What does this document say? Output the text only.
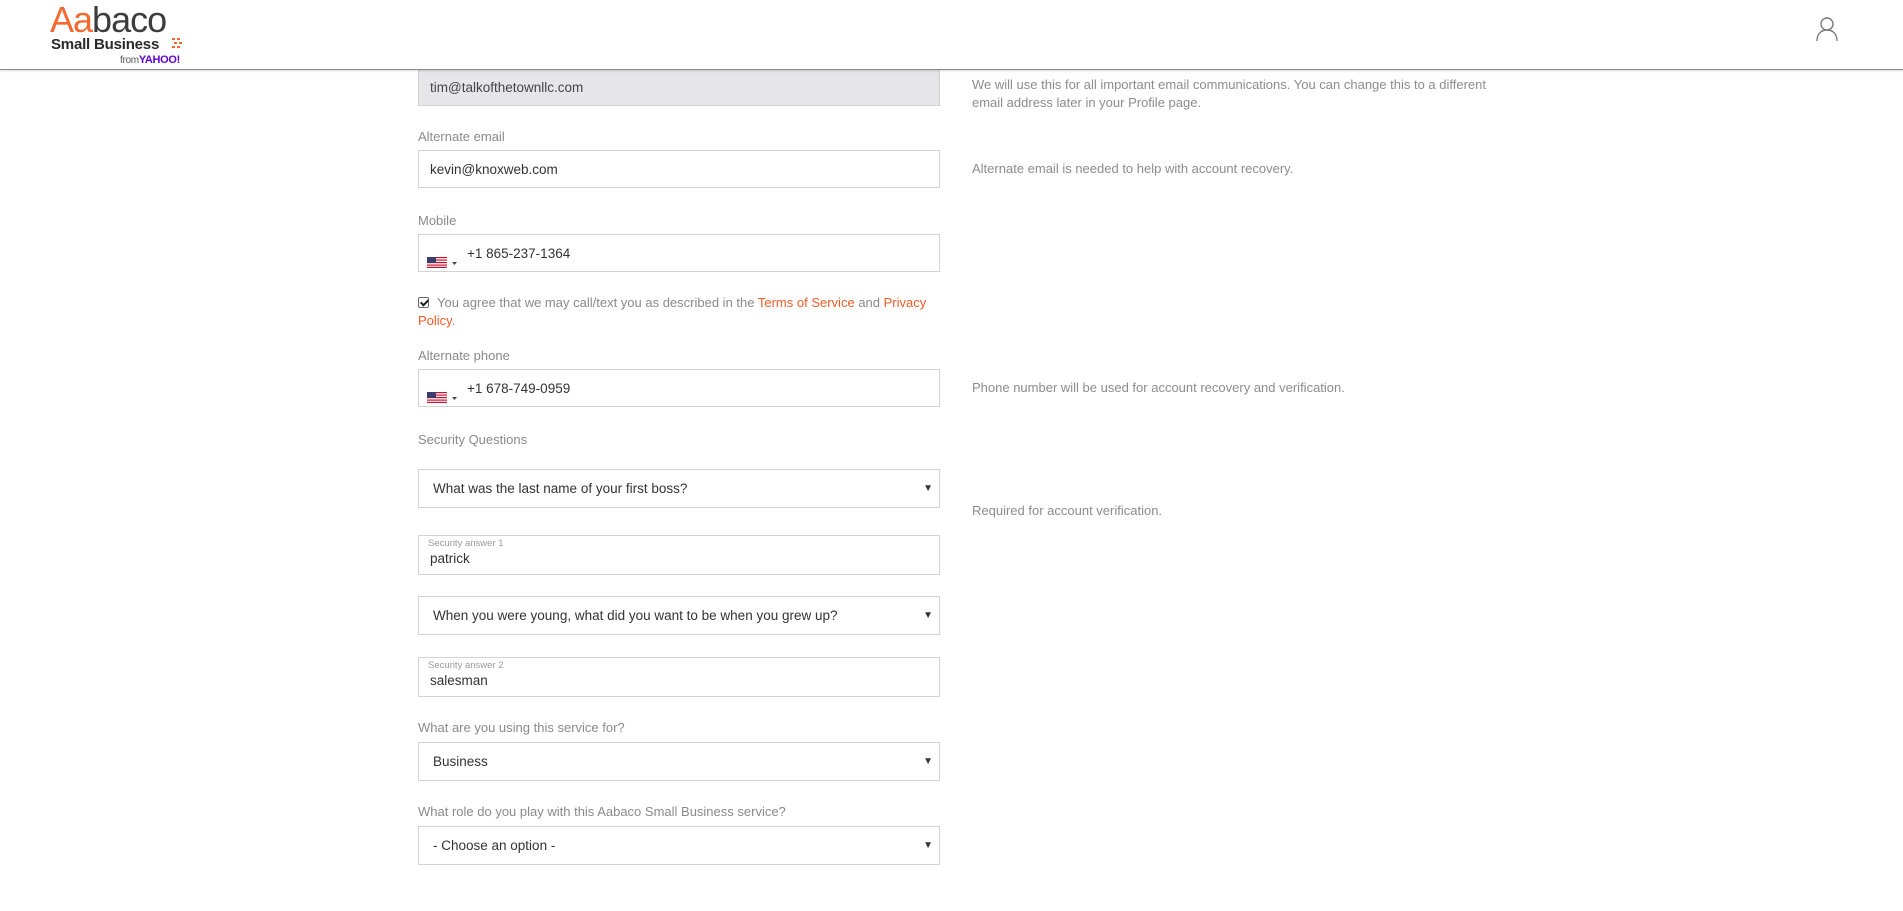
Aabaco
Small Business
fromYAHOO!
tim@talkofthetownllc.com	We will use this for all important email communications. You can change this to a different email address later in your Profile page.
Alternate email
kevin@knoxweb.com	Alternate email is needed to help with account recovery.
Mobile
+1 865-237-1364
You agree that we may call/text you as described in the Terms of Service and Privacy Policy.
Alternate phone
+1 678-749-0959	Phone number will be used for account recovery and verification.
Security Questions
What was the last name of your first boss?	▼
Required for account verification.
Security answer 1
patrick
When you were young, what did you want to be when you grew up?	▼
Security answer 2
salesman
What are you using this service for?
Business	▼
What role do you play with this Aabaco Small Business service?
- Choose an option -	▼
